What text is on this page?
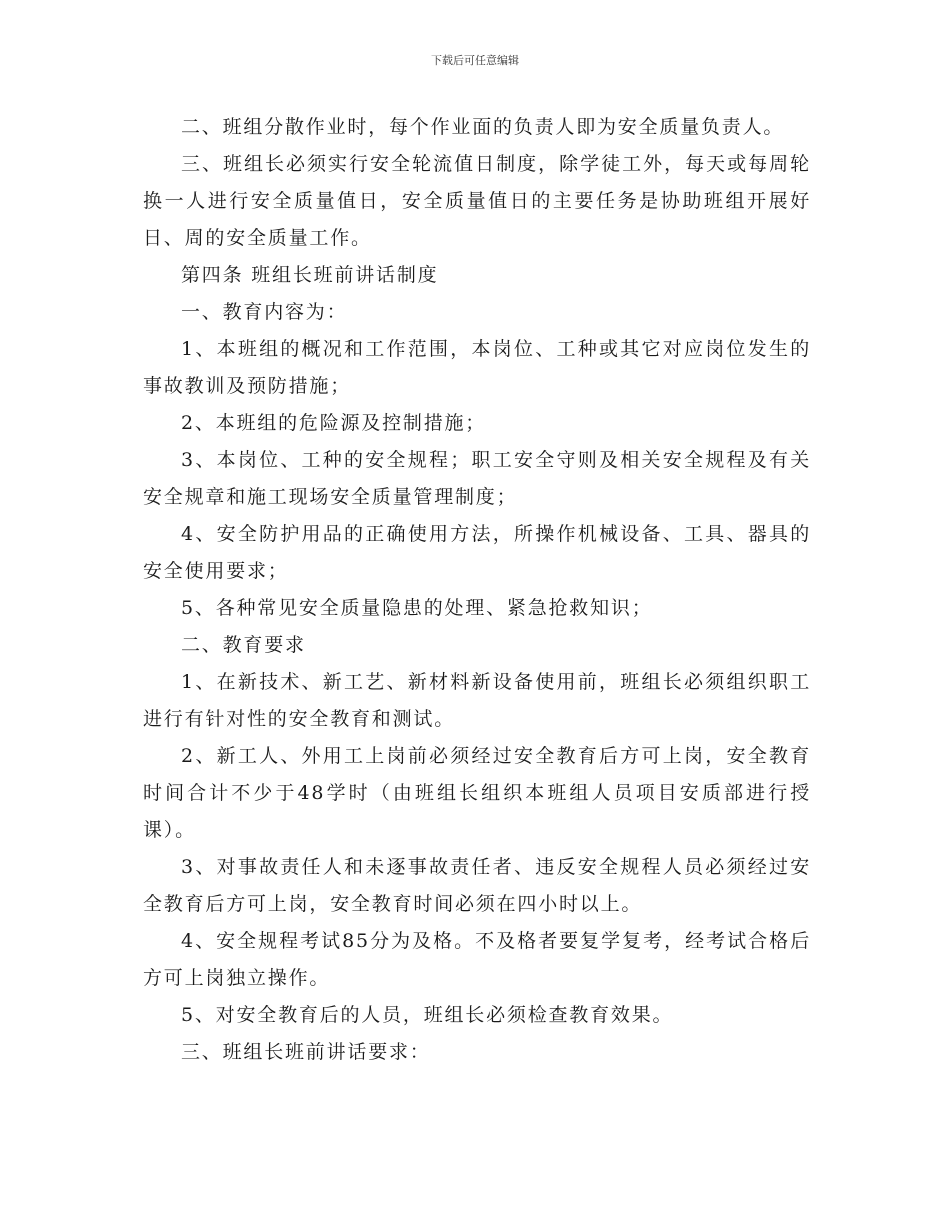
下载后可任意编辑

二、班组分散作业时，每个作业面的负责人即为安全质量负责人。

三、班组长必须实行安全轮流值日制度，除学徒工外，每天或每周轮换一人进行安全质量值日，安全质量值日的主要任务是协助班组开展好日、周的安全质量工作。

第四条 班组长班前讲话制度

一、教育内容为：

1、本班组的概况和工作范围，本岗位、工种或其它对应岗位发生的事故教训及预防措施；

2、本班组的危险源及控制措施；

3、本岗位、工种的安全规程；职工安全守则及相关安全规程及有关安全规章和施工现场安全质量管理制度；

4、安全防护用品的正确使用方法，所操作机械设备、工具、器具的安全使用要求；

5、各种常见安全质量隐患的处理、紧急抢救知识；

二、教育要求

1、在新技术、新工艺、新材料新设备使用前，班组长必须组织职工进行有针对性的安全教育和测试。

2、新工人、外用工上岗前必须经过安全教育后方可上岗，安全教育时间合计不少于48学时（由班组长组织本班组人员项目安质部进行授课）。

3、对事故责任人和未逐事故责任者、违反安全规程人员必须经过安全教育后方可上岗，安全教育时间必须在四小时以上。

4、安全规程考试85分为及格。不及格者要复学复考，经考试合格后方可上岗独立操作。

5、对安全教育后的人员，班组长必须检查教育效果。

三、班组长班前讲话要求：
